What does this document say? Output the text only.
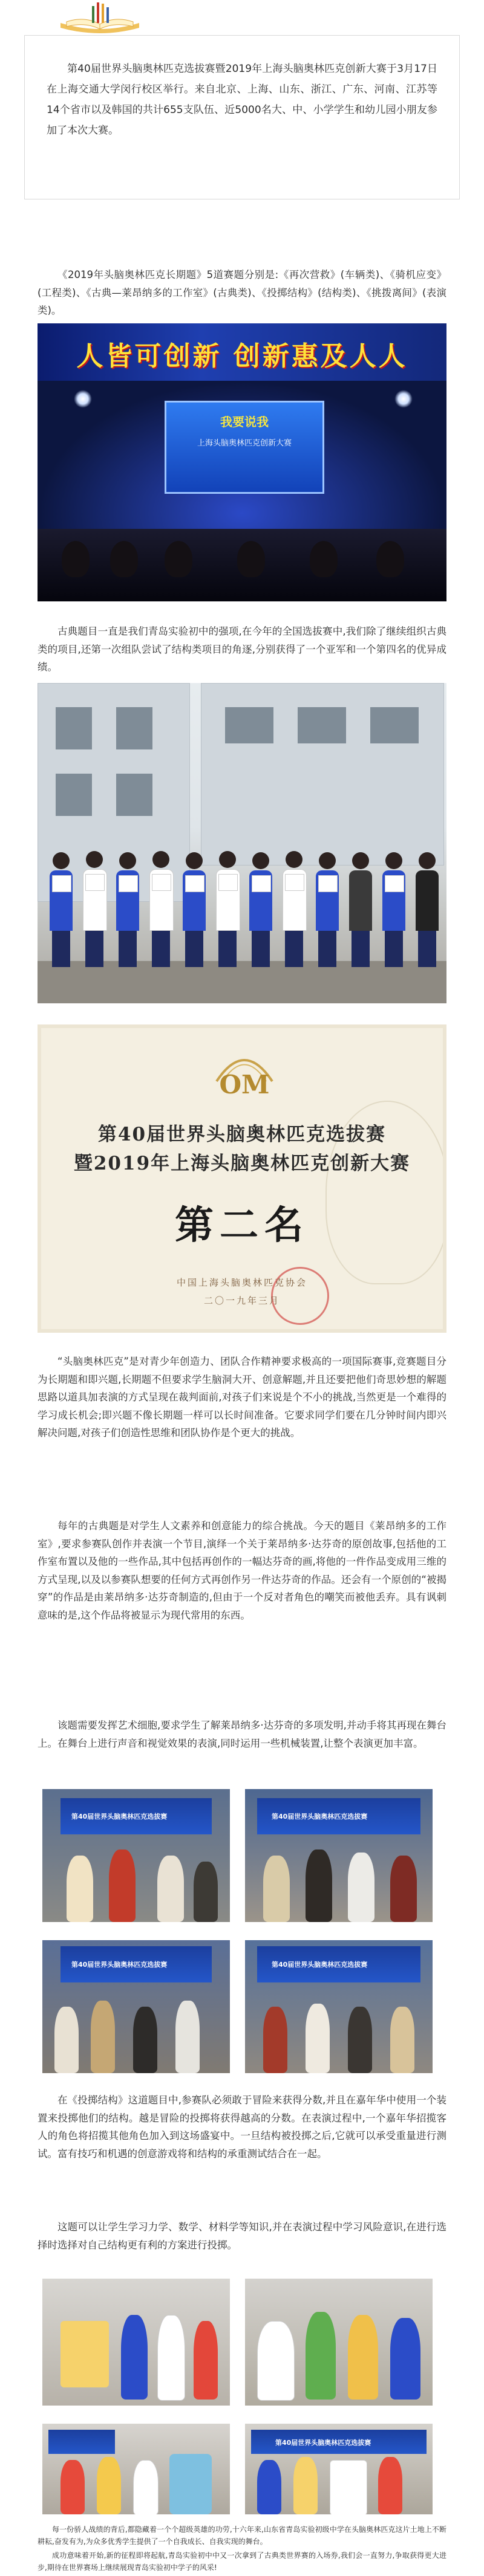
第40届世界头脑奥林匹克选拔赛暨2019年上海头脑奥林匹克创新大赛于3月17日在上海交通大学闵行校区举行。来自北京、上海、山东、浙江、广东、河南、江苏等14个省市以及韩国的共计655支队伍、近5000名大、中、小学学生和幼儿园小朋友参加了本次大赛。
《2019年头脑奥林匹克长期题》5道赛题分别是:《再次营救》(车辆类)、《骑机应变》(工程类)、《古典—莱昂纳多的工作室》(古典类)、《投掷结构》(结构类)、《挑拨离间》(表演类)。
人皆可创新 创新惠及人人
我要说我
上海头脑奥林匹克创新大赛
古典题目一直是我们青岛实验初中的强项,在今年的全国选拔赛中,我们除了继续组织古典类的项目,还第一次组队尝试了结构类项目的角逐,分别获得了一个亚军和一个第四名的优异成绩。
OM
第40届世界头脑奥林匹克选拔赛
暨2019年上海头脑奥林匹克创新大赛
第二名
中国上海头脑奥林匹克协会
二〇一九年三月
“头脑奥林匹克”是对青少年创造力、团队合作精神要求极高的一项国际赛事,竞赛题目分为长期题和即兴题,长期题不但要求学生脑洞大开、创意解题,并且还要把他们奇思妙想的解题思路以道具加表演的方式呈现在裁判面前,对孩子们来说是个不小的挑战,当然更是一个难得的学习成长机会;即兴题不像长期题一样可以长时间准备。它要求同学们要在几分钟时间内即兴解决问题,对孩子们创造性思维和团队协作是个更大的挑战。
每年的古典题是对学生人文素养和创意能力的综合挑战。今天的题目《莱昂纳多的工作室》,要求参赛队创作并表演一个节目,演绎一个关于莱昂纳多·达芬奇的原创故事,包括他的工作室布置以及他的一些作品,其中包括再创作的一幅达芬奇的画,将他的一件作品变成用三维的方式呈现,以及以参赛队想要的任何方式再创作另一件达芬奇的作品。还会有一个原创的“被揭穿”的作品是由莱昂纳多·达芬奇制造的,但由于一个反对者角色的嘲笑而被他丢弃。具有讽刺意味的是,这个作品将被显示为现代常用的东西。
该题需要发挥艺术细胞,要求学生了解莱昂纳多·达芬奇的多项发明,并动手将其再现在舞台上。在舞台上进行声音和视觉效果的表演,同时运用一些机械装置,让整个表演更加丰富。
第40届世界头脑奥林匹克选拔赛	第40届世界头脑奥林匹克选拔赛
第40届世界头脑奥林匹克选拔赛	第40届世界头脑奥林匹克选拔赛
在《投掷结构》这道题目中,参赛队必须敢于冒险来获得分数,并且在嘉年华中使用一个装置来投掷他们的结构。越是冒险的投掷将获得越高的分数。在表演过程中,一个嘉年华招揽客人的角色将招揽其他角色加入到这场盛宴中。一旦结构被投掷之后,它就可以承受重量进行测试。富有技巧和机遇的创意游戏将和结构的承重测试结合在一起。
这题可以让学生学习力学、数学、材料学等知识,并在表演过程中学习风险意识,在进行选择时选择对自己结构更有利的方案进行投掷。
第40届世界头脑奥林匹克选拔赛
每一份骄人战绩的背后,都隐藏着一个个超级英雄的功劳,十六年来,山东省青岛实验初级中学在头脑奥林匹克这片土地上不断耕耘,奋发有为,为众多优秀学生提供了一个自我成长、自我实现的舞台。
成功意味着开始,新的征程即将起航,青岛实验初中中又一次拿到了古典类世界赛的入场券,我们会一直努力,争取获得更大进步,期待在世界赛场上继续展现青岛实验初中学子的风采!
